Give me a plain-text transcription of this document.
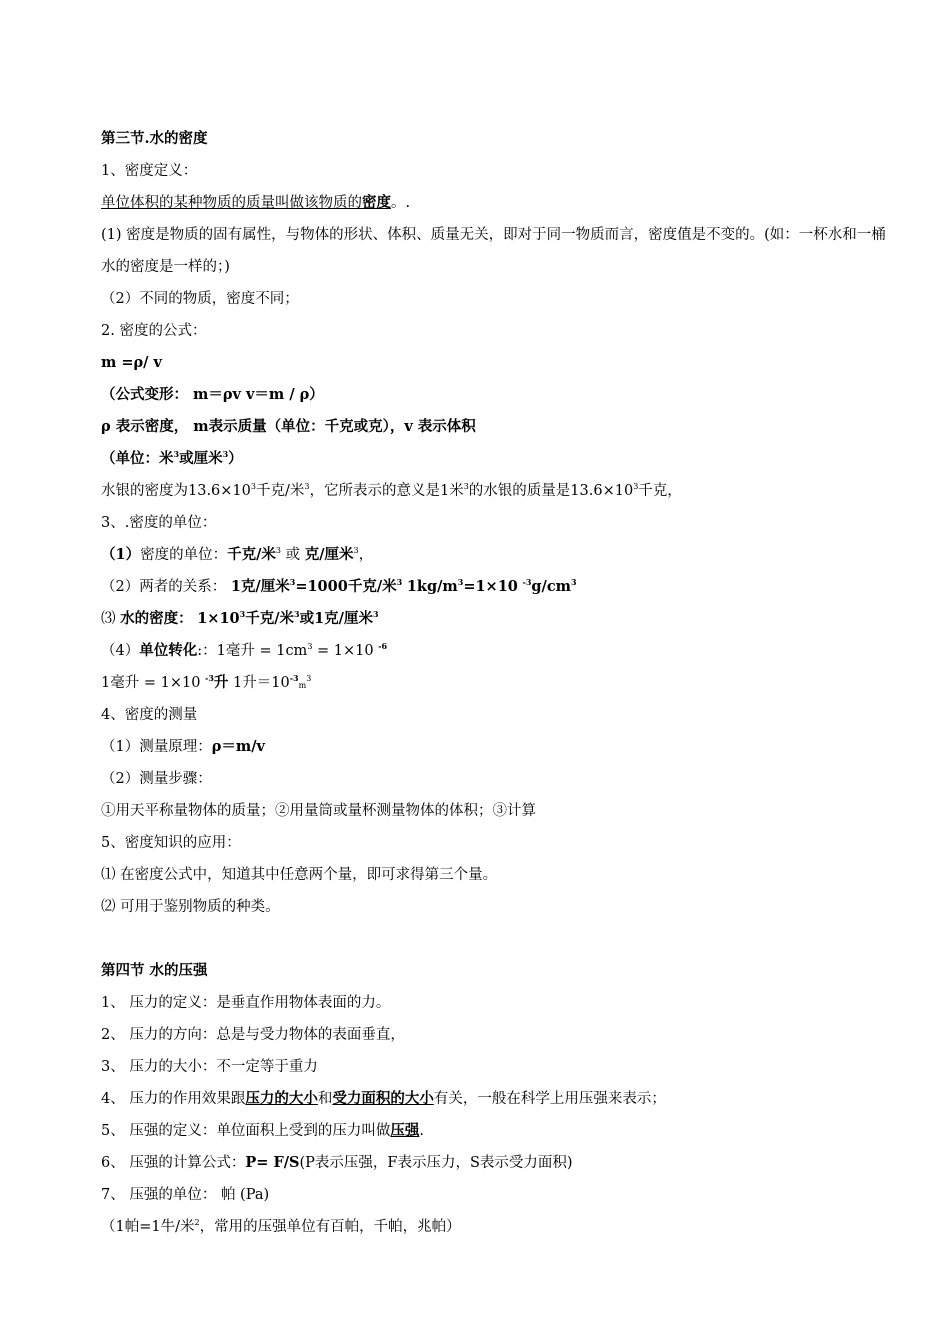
第三节.水的密度
1、密度定义：
单位体积的某种物质的质量叫做该物质的密度。.
(1) 密度是物质的固有属性，与物体的形状、体积、质量无关，即对于同一物质而言，密度值是不变的。(如：一杯水和一桶水的密度是一样的；)
（2）不同的物质，密度不同；
2. 密度的公式：
m =ρ/ v
（公式变形： m＝ρv v＝m / ρ）
ρ 表示密度， m表示质量（单位：千克或克），v 表示体积
（单位：米$^3$或厘米$^3$）
水银的密度为$13.6\times 10^3$千克/米$^3$，它所表示的意义是1米$^3$的水银的质量是$13.6\times 10^3$千克，
3、.密度的单位：
（1）密度的单位：千克/米$^3$ 或 克/厘米$^3$，
（2）两者的关系： 1克/厘米$^3$=1000千克/米$^3$ $1kg/m^3=1\times 10$ $^{-3}g/cm^3$
⑶ 水的密度： $1\times 10^3$千克/米$^3$或1克/厘米$^3$
（4）单位转化:：1毫升 = $1cm^3 = 1\times 10$ $^{-6}$
1毫升 = 1×10 $^{-3}$升 1升$=10^{-3}_m^3$
4、密度的测量
（1）测量原理：ρ＝m/v
（2）测量步骤：
①用天平称量物体的质量；②用量筒或量杯测量物体的体积；③计算
5、密度知识的应用：
⑴ 在密度公式中，知道其中任意两个量，即可求得第三个量。
⑵ 可用于鉴别物质的种类。
第四节 水的压强
1、 压力的定义：是垂直作用物体表面的力。
2、 压力的方向：总是与受力物体的表面垂直，
3、 压力的大小：不一定等于重力
4、 压力的作用效果跟压力的大小和受力面积的大小有关，一般在科学上用压强来表示；
5、 压强的定义：单位面积上受到的压力叫做压强.
6、 压强的计算公式：P= F/S(P表示压强，F表示压力，S表示受力面积)
7、 压强的单位： 帕 (Pa)
（1帕=1牛/米$^2$，常用的压强单位有百帕，千帕，兆帕）
